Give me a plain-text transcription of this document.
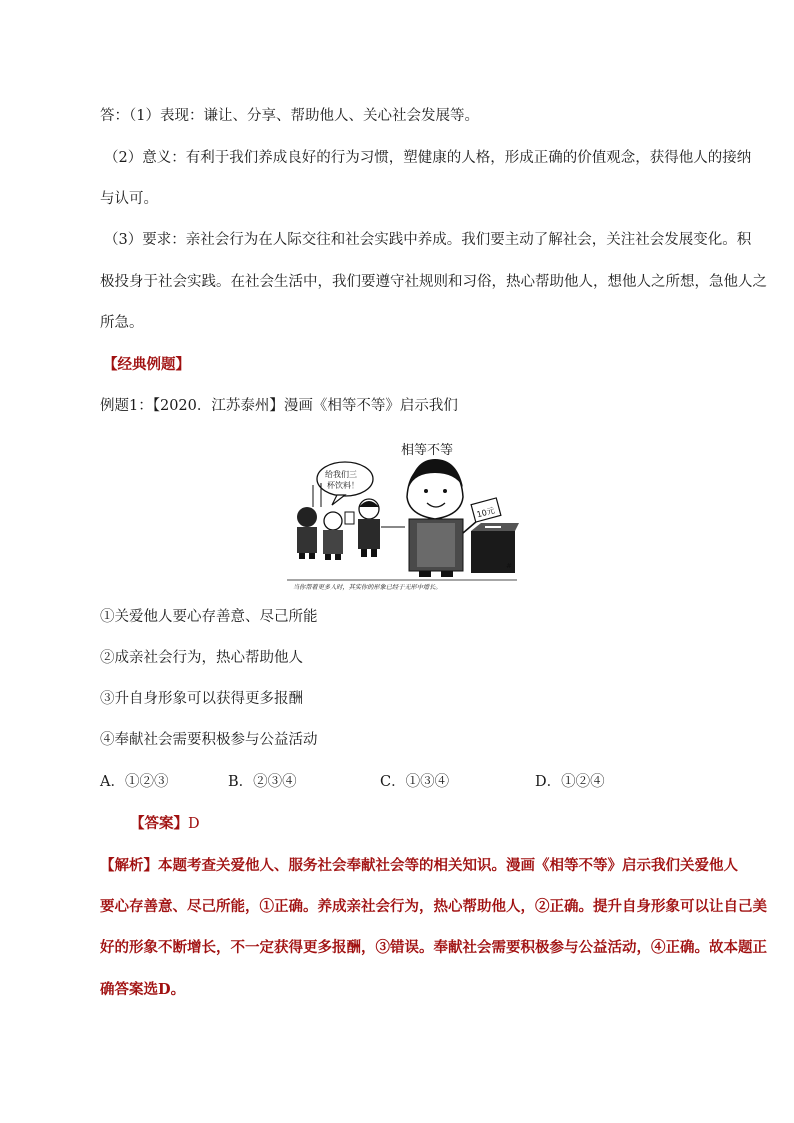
答：（1）表现：谦让、分享、帮助他人、关心社会发展等。
（2）意义：有利于我们养成良好的行为习惯，塑健康的人格，形成正确的价值观念，获得他人的接纳
与认可。
（3）要求：亲社会行为在人际交往和社会实践中养成。我们要主动了解社会，关注社会发展变化。积
极投身于社会实践。在社会生活中，我们要遵守社规则和习俗，热心帮助他人，想他人之所想，急他人之
所急。
【经典例题】
例题1：【2020．江苏泰州】漫画《相等不等》启示我们
相等不等
给我们三
杯饮料！
10元
#
当你帮着更多人时，其实你的形象已经于无形中增长。
①关爱他人要心存善意、尽己所能
②成亲社会行为，热心帮助他人
③升自身形象可以获得更多报酬
④奉献社会需要积极参与公益活动
A．①②③	B．②③④	C．①③④	D．①②④
【答案】D
【解析】本题考查关爱他人、服务社会奉献社会等的相关知识。漫画《相等不等》启示我们关爱他人
要心存善意、尽己所能，①正确。养成亲社会行为，热心帮助他人，②正确。提升自身形象可以让自己美
好的形象不断增长，不一定获得更多报酬，③错误。奉献社会需要积极参与公益活动，④正确。故本题正
确答案选D。
